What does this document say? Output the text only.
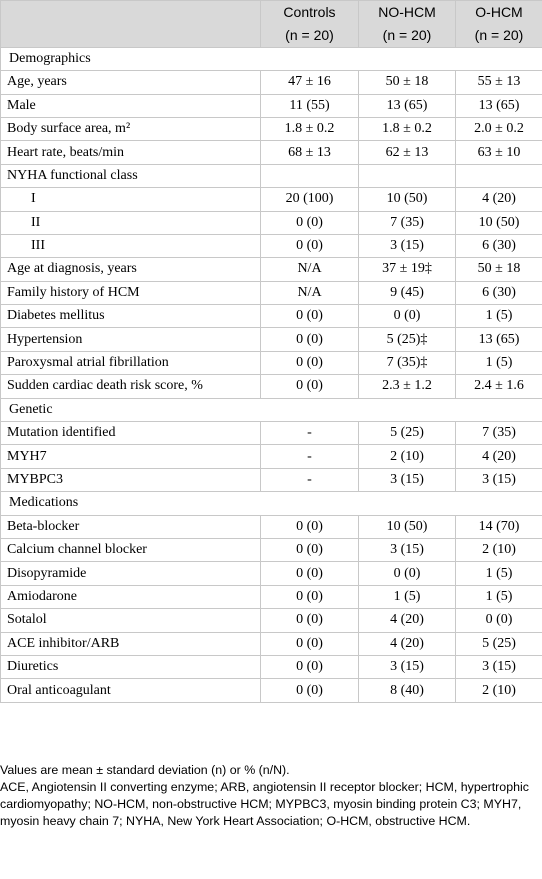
	Controls	NO-HCM	O-HCM
	(n = 20)	(n = 20)	(n = 20)
Demographics			
Age, years	47 ± 16	50 ± 18	55 ± 13
Male	11 (55)	13 (65)	13 (65)
Body surface area, m²	1.8 ± 0.2	1.8 ± 0.2	2.0 ± 0.2
Heart rate, beats/min	68 ± 13	62 ± 13	63 ± 10
NYHA functional class			
I	20 (100)	10 (50)	4 (20)
II	0 (0)	7 (35)	10 (50)
III	0 (0)	3 (15)	6 (30)
Age at diagnosis, years	N/A	37 ± 19‡	50 ± 18
Family history of HCM	N/A	9 (45)	6 (30)
Diabetes mellitus	0 (0)	0 (0)	1 (5)
Hypertension	0 (0)	5 (25)‡	13 (65)
Paroxysmal atrial fibrillation	0 (0)	7 (35)‡	1 (5)
Sudden cardiac death risk score, %	0 (0)	2.3 ± 1.2	2.4 ± 1.6
Genetic			
Mutation identified	-	5 (25)	7 (35)
MYH7	-	2 (10)	4 (20)
MYBPC3	-	3 (15)	3 (15)
Medications			
Beta-blocker	0 (0)	10 (50)	14 (70)
Calcium channel blocker	0 (0)	3 (15)	2 (10)
Disopyramide	0 (0)	0 (0)	1 (5)
Amiodarone	0 (0)	1 (5)	1 (5)
Sotalol	0 (0)	4 (20)	0 (0)
ACE inhibitor/ARB	0 (0)	4 (20)	5 (25)
Diuretics	0 (0)	3 (15)	3 (15)
Oral anticoagulant	0 (0)	8 (40)	2 (10)

Values are mean ± standard deviation (n) or % (n/N).

ACE, Angiotensin II converting enzyme; ARB, angiotensin II receptor blocker; HCM, hypertrophic cardiomyopathy; NO-HCM, non-obstructive HCM; MYPBC3, myosin binding protein C3; MYH7, myosin heavy chain 7; NYHA, New York Heart Association; O-HCM, obstructive HCM.
